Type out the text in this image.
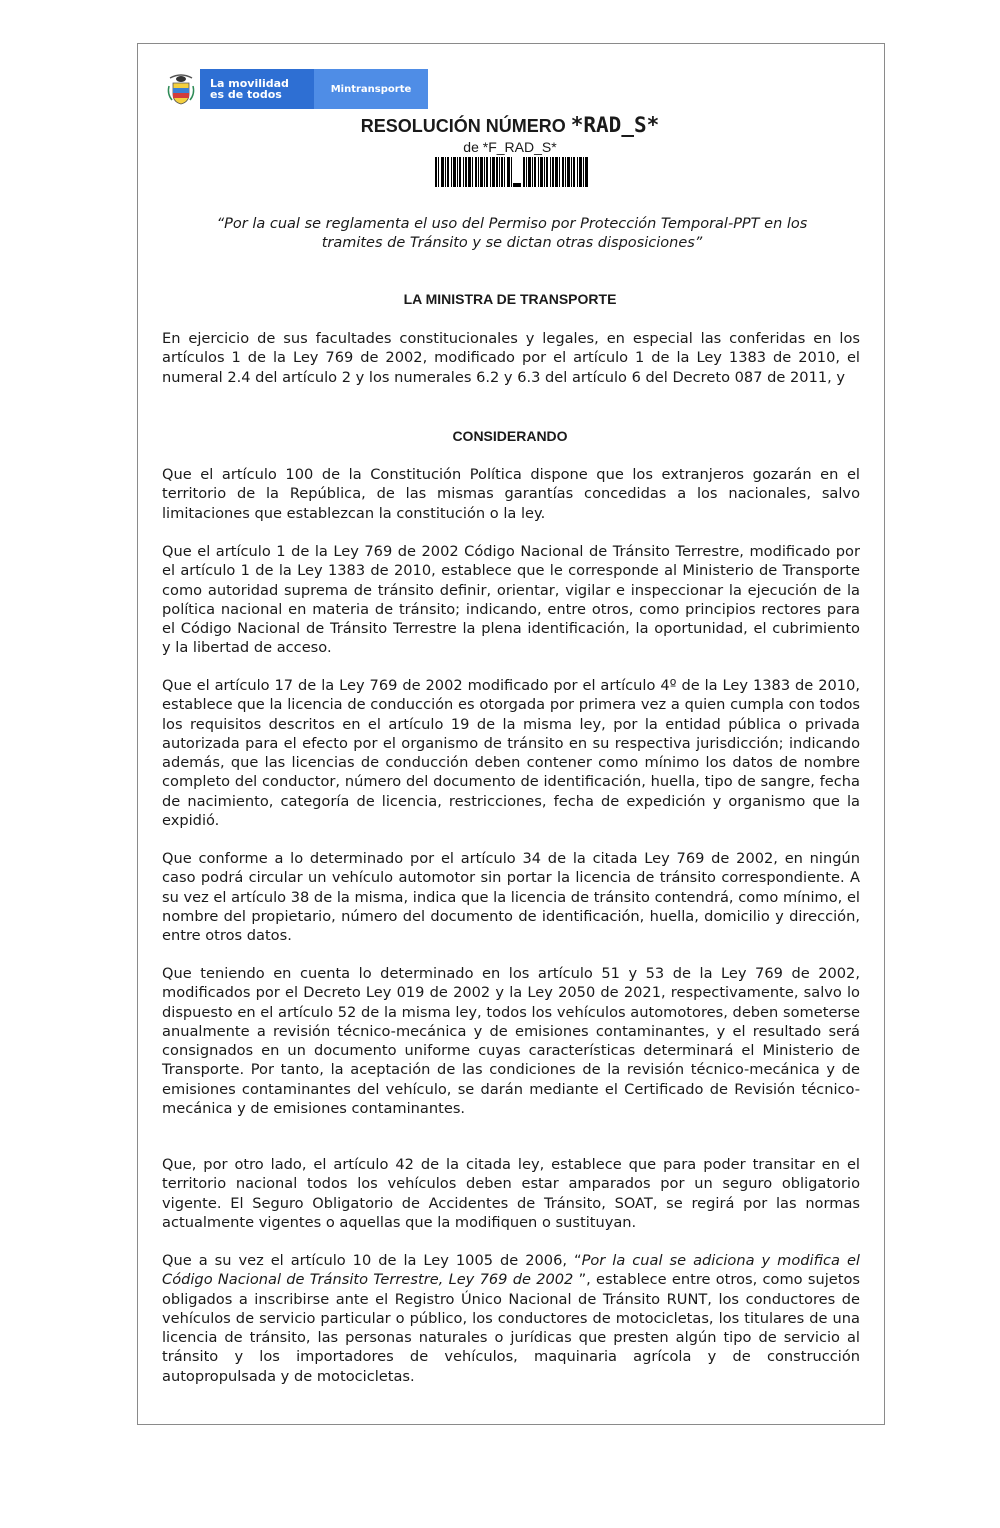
La movilidad
es de todos	Mintransporte
RESOLUCIÓN NÚMERO *RAD_S*
de *F_RAD_S*
“Por la cual se reglamenta el uso del Permiso por Protección Temporal-PPT en los
tramites de Tránsito y se dictan otras disposiciones”
LA MINISTRA DE TRANSPORTE

En ejercicio de sus facultades constitucionales y legales, en especial las conferidas en los artículos 1 de la Ley 769 de 2002, modificado por el artículo 1 de la Ley 1383 de 2010, el numeral 2.4 del artículo 2 y los numerales 6.2 y 6.3 del artículo 6 del Decreto 087 de 2011, y

CONSIDERANDO

Que el artículo 100 de la Constitución Política dispone que los extranjeros gozarán en el territorio de la República, de las mismas garantías concedidas a los nacionales, salvo limitaciones que establezcan la constitución o la ley.

Que el artículo 1 de la Ley 769 de 2002 Código Nacional de Tránsito Terrestre, modificado por el artículo 1 de la Ley 1383 de 2010, establece que le corresponde al Ministerio de Transporte como autoridad suprema de tránsito definir, orientar, vigilar e inspeccionar la ejecución de la política nacional en materia de tránsito; indicando, entre otros, como principios rectores para el Código Nacional de Tránsito Terrestre la plena identificación, la oportunidad, el cubrimiento y la libertad de acceso.

Que el artículo 17 de la Ley 769 de 2002 modificado por el artículo 4º de la Ley 1383 de 2010, establece que la licencia de conducción es otorgada por primera vez a quien cumpla con todos los requisitos descritos en el artículo 19 de la misma ley, por la entidad pública o privada autorizada para el efecto por el organismo de tránsito en su respectiva jurisdicción; indicando además, que las licencias de conducción deben contener como mínimo los datos de nombre completo del conductor, número del documento de identificación, huella, tipo de sangre, fecha de nacimiento, categoría de licencia, restricciones, fecha de expedición y organismo que la expidió.

Que conforme a lo determinado por el artículo 34 de la citada Ley 769 de 2002, en ningún caso podrá circular un vehículo automotor sin portar la licencia de tránsito correspondiente. A su vez el artículo 38 de la misma, indica que la licencia de tránsito contendrá, como mínimo, el nombre del propietario, número del documento de identificación, huella, domicilio y dirección, entre otros datos.

Que teniendo en cuenta lo determinado en los artículo 51 y 53 de la Ley 769 de 2002, modificados por el Decreto Ley 019 de 2002 y la Ley 2050 de 2021, respectivamente, salvo lo dispuesto en el artículo 52 de la misma ley, todos los vehículos automotores, deben someterse anualmente a revisión técnico-mecánica y de emisiones contaminantes, y el resultado será consignados en un documento uniforme cuyas características determinará el Ministerio de Transporte. Por tanto, la aceptación de las condiciones de la revisión técnico-mecánica y de emisiones contaminantes del vehículo, se darán mediante el Certificado de Revisión técnico-mecánica y de emisiones contaminantes.

Que, por otro lado, el artículo 42 de la citada ley, establece que para poder transitar en el territorio nacional todos los vehículos deben estar amparados por un seguro obligatorio vigente. El Seguro Obligatorio de Accidentes de Tránsito, SOAT, se regirá por las normas actualmente vigentes o aquellas que la modifiquen o sustituyan.

Que a su vez el artículo 10 de la Ley 1005 de 2006, “Por la cual se adiciona y modifica el Código Nacional de Tránsito Terrestre, Ley 769 de 2002 ”, establece entre otros, como sujetos obligados a inscribirse ante el Registro Único Nacional de Tránsito RUNT, los conductores de vehículos de servicio particular o público, los conductores de motocicletas, los titulares de una licencia de tránsito, las personas naturales o jurídicas que presten algún tipo de servicio al tránsito y los importadores de vehículos, maquinaria agrícola y de construcción autopropulsada y de motocicletas.
